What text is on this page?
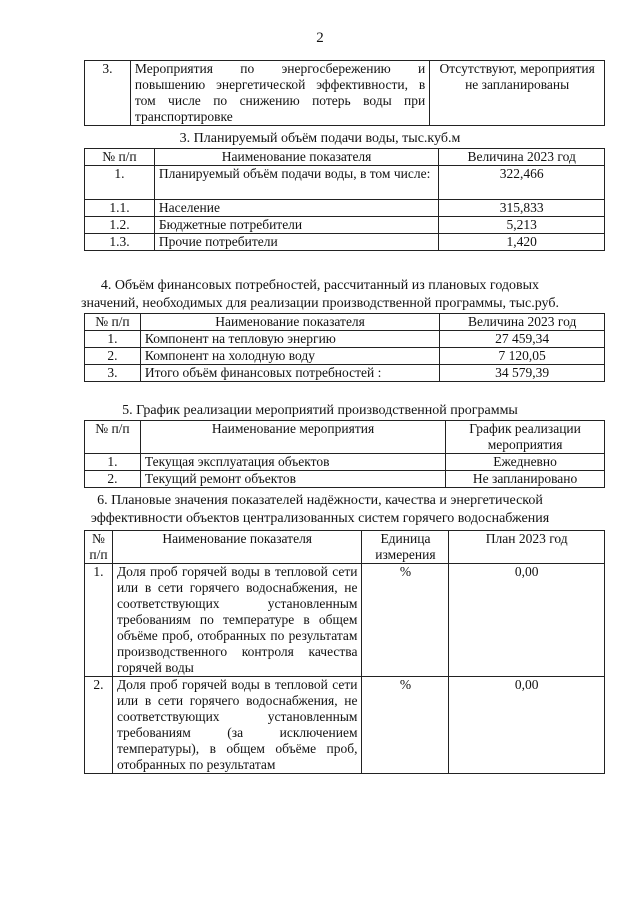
2
3.	Мероприятия по энергосбережению и повышению энергетической эффективности, в том числе по снижению потерь воды при транспортировке	Отсутствуют, мероприятия не запланированы
3. Планируемый объём подачи воды, тыс.куб.м
№ п/п	Наименование показателя	Величина 2023 год
1.	Планируемый объём подачи воды, в том числе:	322,466
1.1.	Население	315,833
1.2.	Бюджетные потребители	5,213
1.3.	Прочие потребители	1,420
4. Объём финансовых потребностей, рассчитанный из плановых годовых
значений, необходимых для реализации производственной программы, тыс.руб.
№ п/п	Наименование показателя	Величина 2023 год
1.	Компонент на тепловую энергию	27 459,34
2.	Компонент на холодную воду	7 120,05
3.	Итого объём финансовых потребностей :	34 579,39
5. График реализации мероприятий производственной программы
№ п/п	Наименование мероприятия	График реализации мероприятия
1.	Текущая эксплуатация объектов	Ежедневно
2.	Текущий ремонт объектов	Не запланировано
6. Плановые значения показателей надёжности, качества и энергетической
эффективности объектов централизованных систем горячего водоснабжения
№ п/п	Наименование показателя	Единица измерения	План 2023 год
1.	Доля проб горячей воды в тепловой сети или в сети горячего водоснабжения, не соответствующих установленным требованиям по температуре в общем объёме проб, отобранных по результатам производственного контроля качества горячей воды	%	0,00
2.	Доля проб горячей воды в тепловой сети или в сети горячего водоснабжения, не соответствующих установленным требованиям (за исключением температуры), в общем объёме проб, отобранных по результатам	%	0,00
